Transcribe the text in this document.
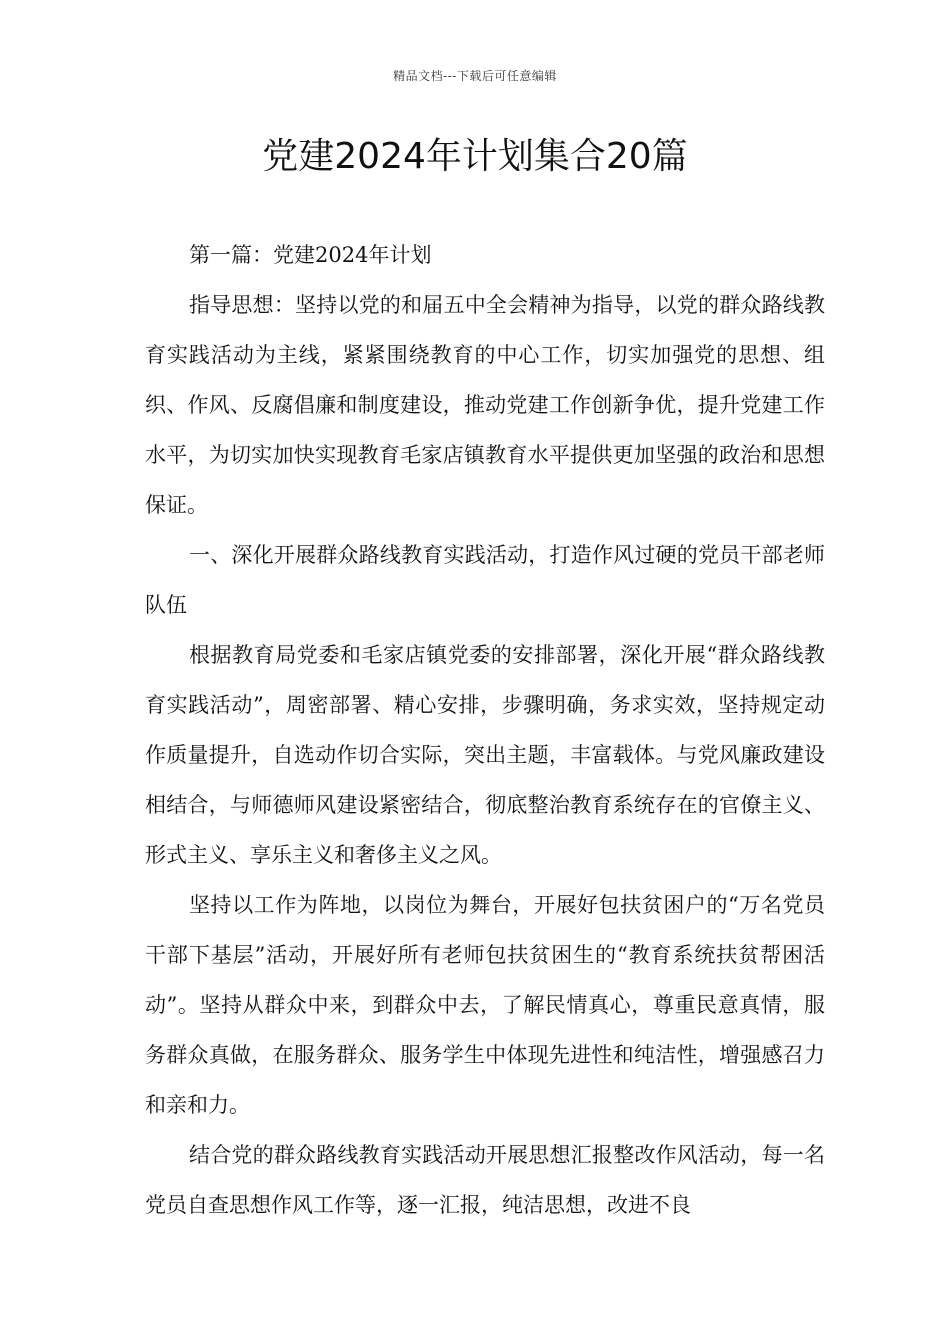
精品文档---下载后可任意编辑
党建2024年计划集合20篇

第一篇：党建2024年计划

指导思想：坚持以党的和届五中全会精神为指导，以党的群众路线教育实践活动为主线，紧紧围绕教育的中心工作，切实加强党的思想、组织、作风、反腐倡廉和制度建设，推动党建工作创新争优，提升党建工作水平，为切实加快实现教育毛家店镇教育水平提供更加坚强的政治和思想保证。

一、深化开展群众路线教育实践活动，打造作风过硬的党员干部老师队伍

根据教育局党委和毛家店镇党委的安排部署，深化开展“群众路线教育实践活动”，周密部署、精心安排，步骤明确，务求实效，坚持规定动作质量提升，自选动作切合实际，突出主题，丰富载体。与党风廉政建设相结合，与师德师风建设紧密结合，彻底整治教育系统存在的官僚主义、形式主义、享乐主义和奢侈主义之风。

坚持以工作为阵地，以岗位为舞台，开展好包扶贫困户的“万名党员干部下基层”活动，开展好所有老师包扶贫困生的“教育系统扶贫帮困活动”。坚持从群众中来，到群众中去，了解民情真心，尊重民意真情，服务群众真做，在服务群众、服务学生中体现先进性和纯洁性，增强感召力和亲和力。

结合党的群众路线教育实践活动开展思想汇报整改作风活动，每一名党员自查思想作风工作等，逐一汇报，纯洁思想，改进不良
